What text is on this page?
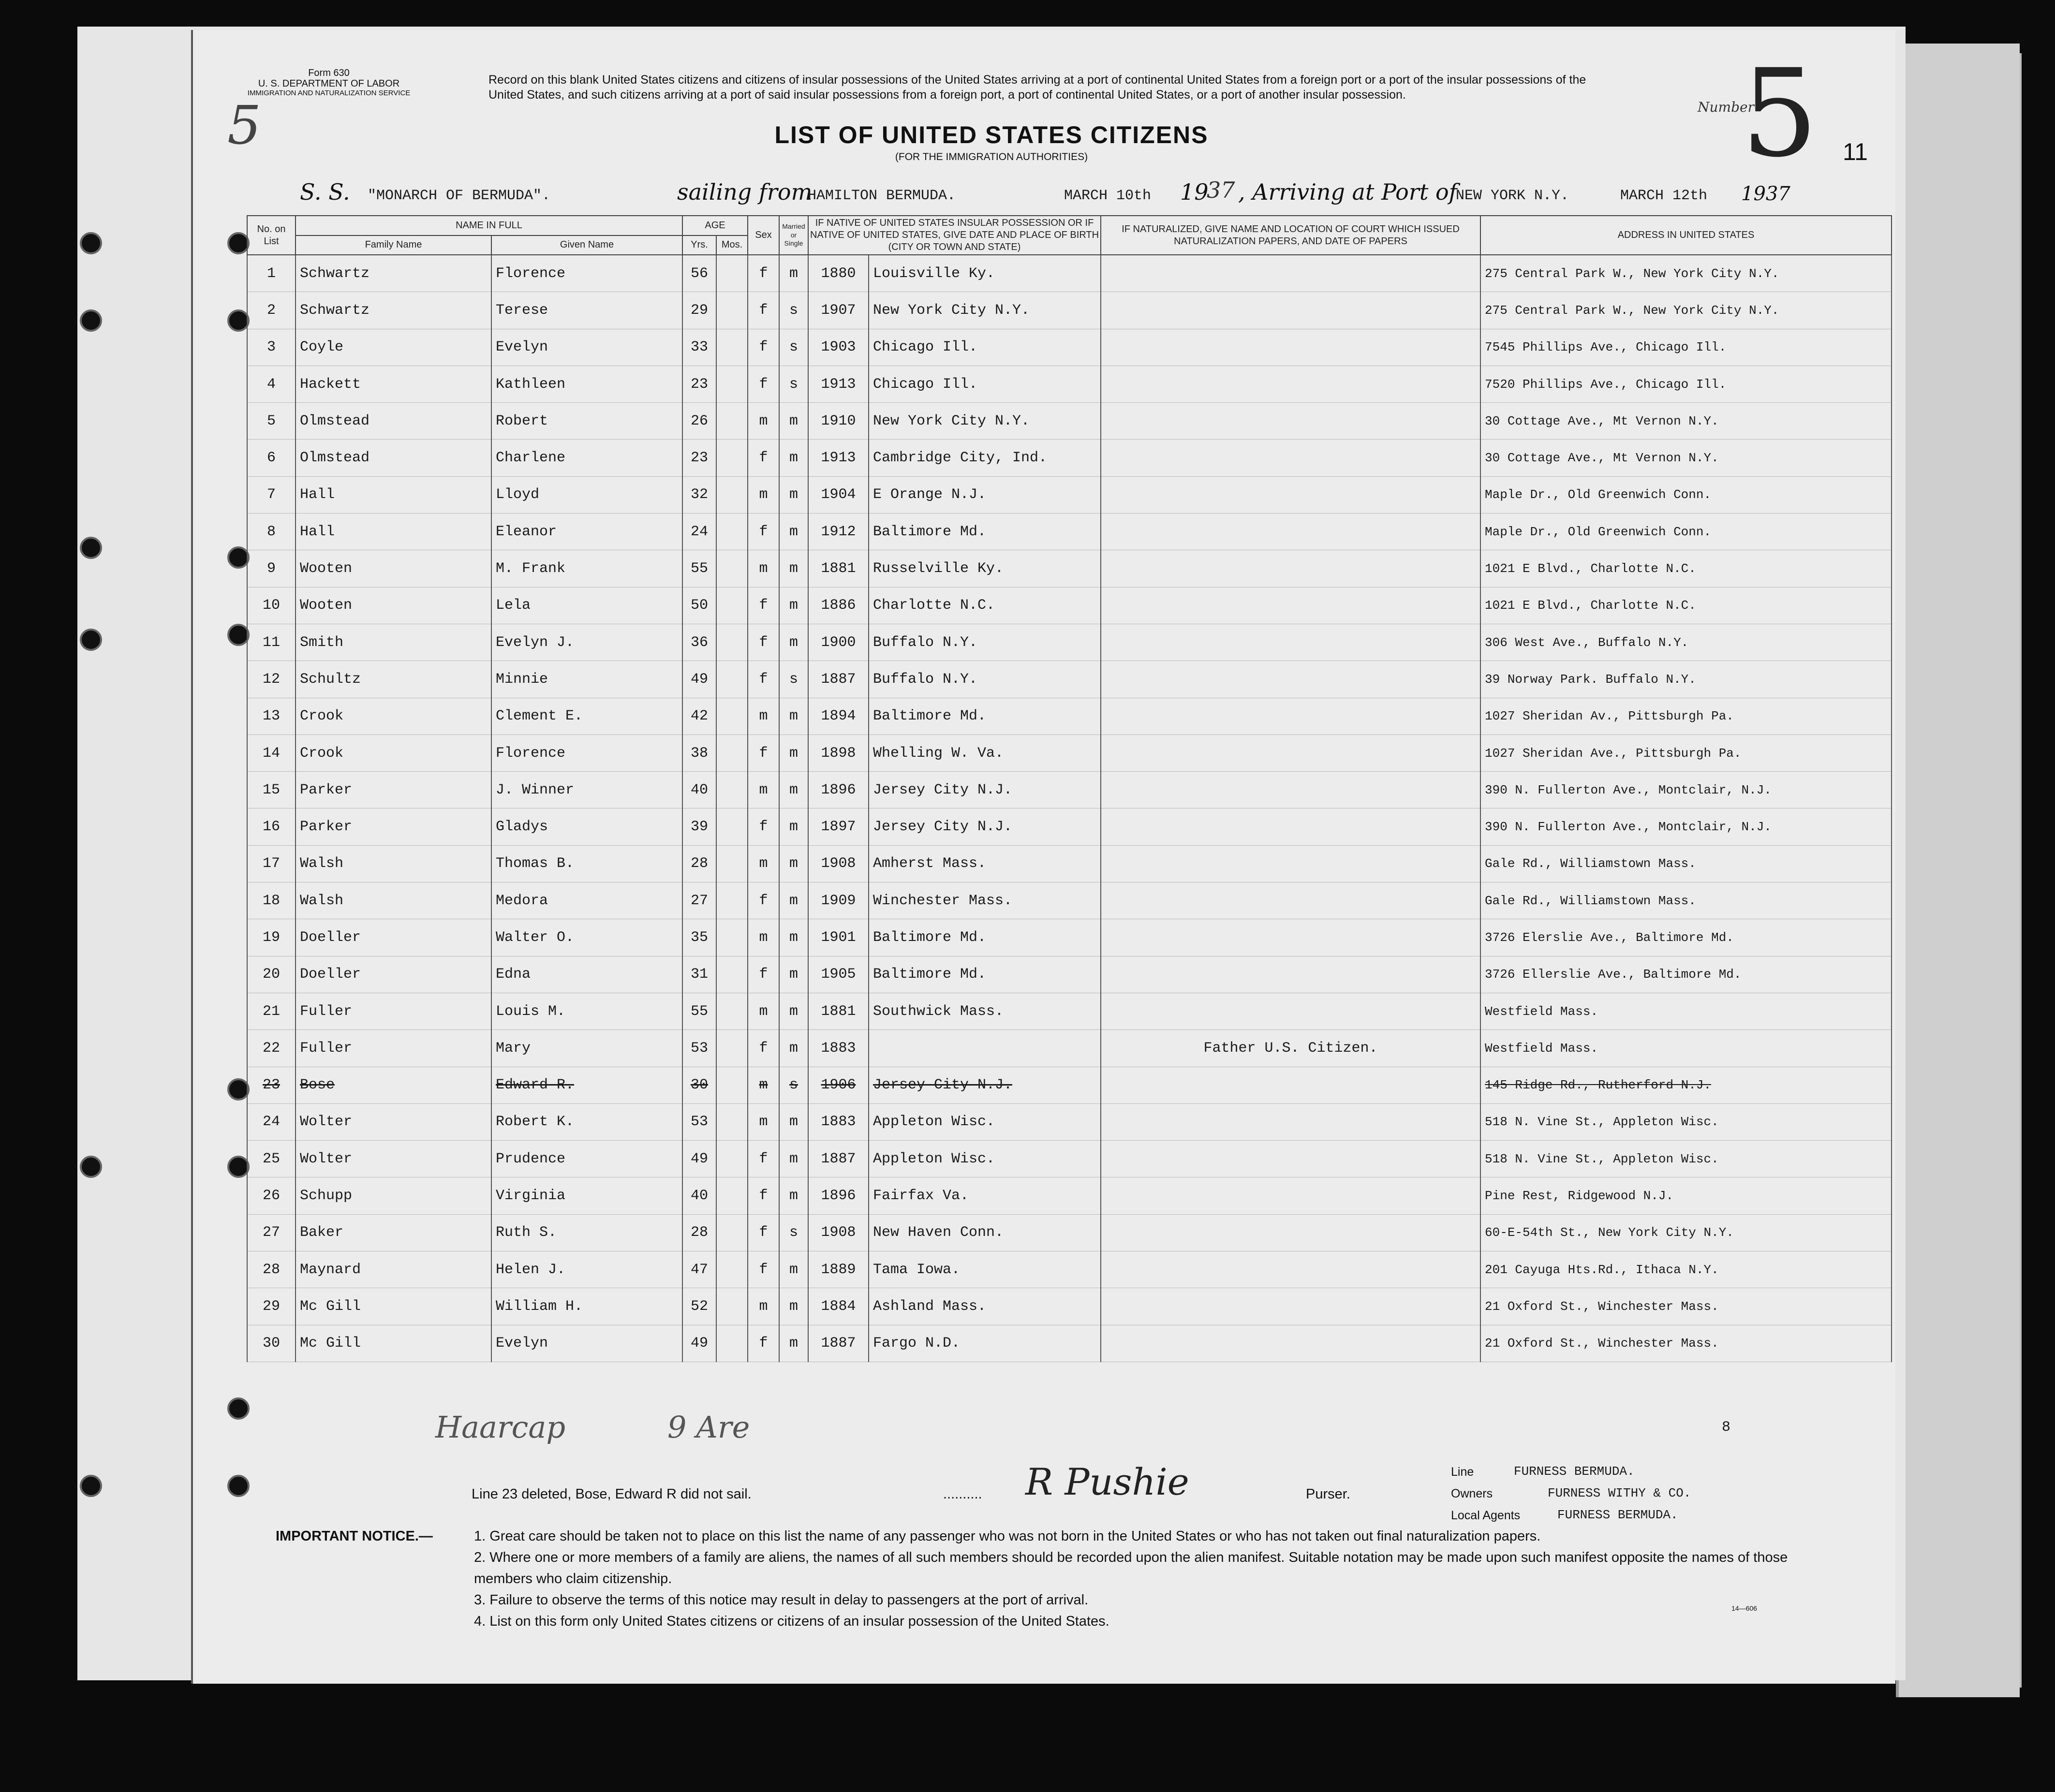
Form 630
U. S. DEPARTMENT OF LABOR
IMMIGRATION AND NATURALIZATION SERVICE
5
Record on this blank United States citizens and citizens of insular possessions of the United States arriving at a port of continental United States from a foreign port or a port of the insular possessions of the United States, and such citizens arriving at a port of said insular possessions from a foreign port, a port of continental United States, or a port of another insular possession.
LIST OF UNITED STATES CITIZENS
(FOR THE IMMIGRATION AUTHORITIES)
Number
5 11
S. S. "MONARCH OF BERMUDA".	sailing from
HAMILTON BERMUDA.	MARCH 10th 19
37 , Arriving at Port of
NEW YORK N.Y.	MARCH 12th 1937
No. on List	NAME IN FULL		AGE		Sex	Married or Single	IF NATIVE OF UNITED STATES INSULAR POSSESSION OR IF NATIVE OF UNITED STATES, GIVE DATE AND PLACE OF BIRTH (CITY OR TOWN AND STATE)		IF NATURALIZED, GIVE NAME AND LOCATION OF COURT WHICH ISSUED NATURALIZATION PAPERS, AND DATE OF PAPERS	ADDRESS IN UNITED STATES
	Family Name	Given Name	Yrs.	Mos.						
1	Schwartz	Florence	56		f	m	1880	Louisville Ky.		275 Central Park W., New York City N.Y.
2	Schwartz	Terese	29		f	s	1907	New York City N.Y.		275 Central Park W., New York City N.Y.
3	Coyle	Evelyn	33		f	s	1903	Chicago Ill.		7545 Phillips Ave., Chicago Ill.
4	Hackett	Kathleen	23		f	s	1913	Chicago Ill.		7520 Phillips Ave., Chicago Ill.
5	Olmstead	Robert	26		m	m	1910	New York City N.Y.		30 Cottage Ave., Mt Vernon N.Y.
6	Olmstead	Charlene	23		f	m	1913	Cambridge City, Ind.		30 Cottage Ave., Mt Vernon N.Y.
7	Hall	Lloyd	32		m	m	1904	E Orange N.J.		Maple Dr., Old Greenwich Conn.
8	Hall	Eleanor	24		f	m	1912	Baltimore Md.		Maple Dr., Old Greenwich Conn.
9	Wooten	M. Frank	55		m	m	1881	Russelville Ky.		1021 E Blvd., Charlotte N.C.
10	Wooten	Lela	50		f	m	1886	Charlotte N.C.		1021 E Blvd., Charlotte N.C.
11	Smith	Evelyn J.	36		f	m	1900	Buffalo N.Y.		306 West Ave., Buffalo N.Y.
12	Schultz	Minnie	49		f	s	1887	Buffalo N.Y.		39 Norway Park. Buffalo N.Y.
13	Crook	Clement E.	42		m	m	1894	Baltimore Md.		1027 Sheridan Av., Pittsburgh Pa.
14	Crook	Florence	38		f	m	1898	Whelling W. Va.		1027 Sheridan Ave., Pittsburgh Pa.
15	Parker	J. Winner	40		m	m	1896	Jersey City N.J.		390 N. Fullerton Ave., Montclair, N.J.
16	Parker	Gladys	39		f	m	1897	Jersey City N.J.		390 N. Fullerton Ave., Montclair, N.J.
17	Walsh	Thomas B.	28		m	m	1908	Amherst Mass.		Gale Rd., Williamstown Mass.
18	Walsh	Medora	27		f	m	1909	Winchester Mass.		Gale Rd., Williamstown Mass.
19	Doeller	Walter O.	35		m	m	1901	Baltimore Md.		3726 Elerslie Ave., Baltimore Md.
20	Doeller	Edna	31		f	m	1905	Baltimore Md.		3726 Ellerslie Ave., Baltimore Md.
21	Fuller	Louis M.	55		m	m	1881	Southwick Mass.		Westfield Mass.
22	Fuller	Mary	53		f	m	1883		Father U.S. Citizen.	Westfield Mass.
23	Bose	Edward R.	30		m	s	1906	Jersey City N.J.		145 Ridge Rd., Rutherford N.J.
24	Wolter	Robert K.	53		m	m	1883	Appleton Wisc.		518 N. Vine St., Appleton Wisc.
25	Wolter	Prudence	49		f	m	1887	Appleton Wisc.		518 N. Vine St., Appleton Wisc.
26	Schupp	Virginia	40		f	m	1896	Fairfax Va.		Pine Rest, Ridgewood N.J.
27	Baker	Ruth S.	28		f	s	1908	New Haven Conn.		60-E-54th St., New York City N.Y.
28	Maynard	Helen J.	47		f	m	1889	Tama Iowa.		201 Cayuga Hts.Rd., Ithaca N.Y.
29	Mc Gill	William H.	52		m	m	1884	Ashland Mass.		21 Oxford St., Winchester Mass.
30	Mc Gill	Evelyn	49		f	m	1887	Fargo N.D.		21 Oxford St., Winchester Mass.
8
Haarcap	9 Are
Line 23 deleted, Bose, Edward R did not sail.	.......... R Pushie	Purser.
Line	FURNESS BERMUDA.
Owners	FURNESS WITHY & CO.
Local Agents	FURNESS BERMUDA.
IMPORTANT NOTICE.—	1. Great care should be taken not to place on this list the name of any passenger who was not born in the United States or who has not taken out final naturalization papers.
2. Where one or more members of a family are aliens, the names of all such members should be recorded upon the alien manifest. Suitable notation may be made upon such manifest opposite the names of those members who claim citizenship.
3. Failure to observe the terms of this notice may result in delay to passengers at the port of arrival.
4. List on this form only United States citizens or citizens of an insular possession of the United States.
14—606
